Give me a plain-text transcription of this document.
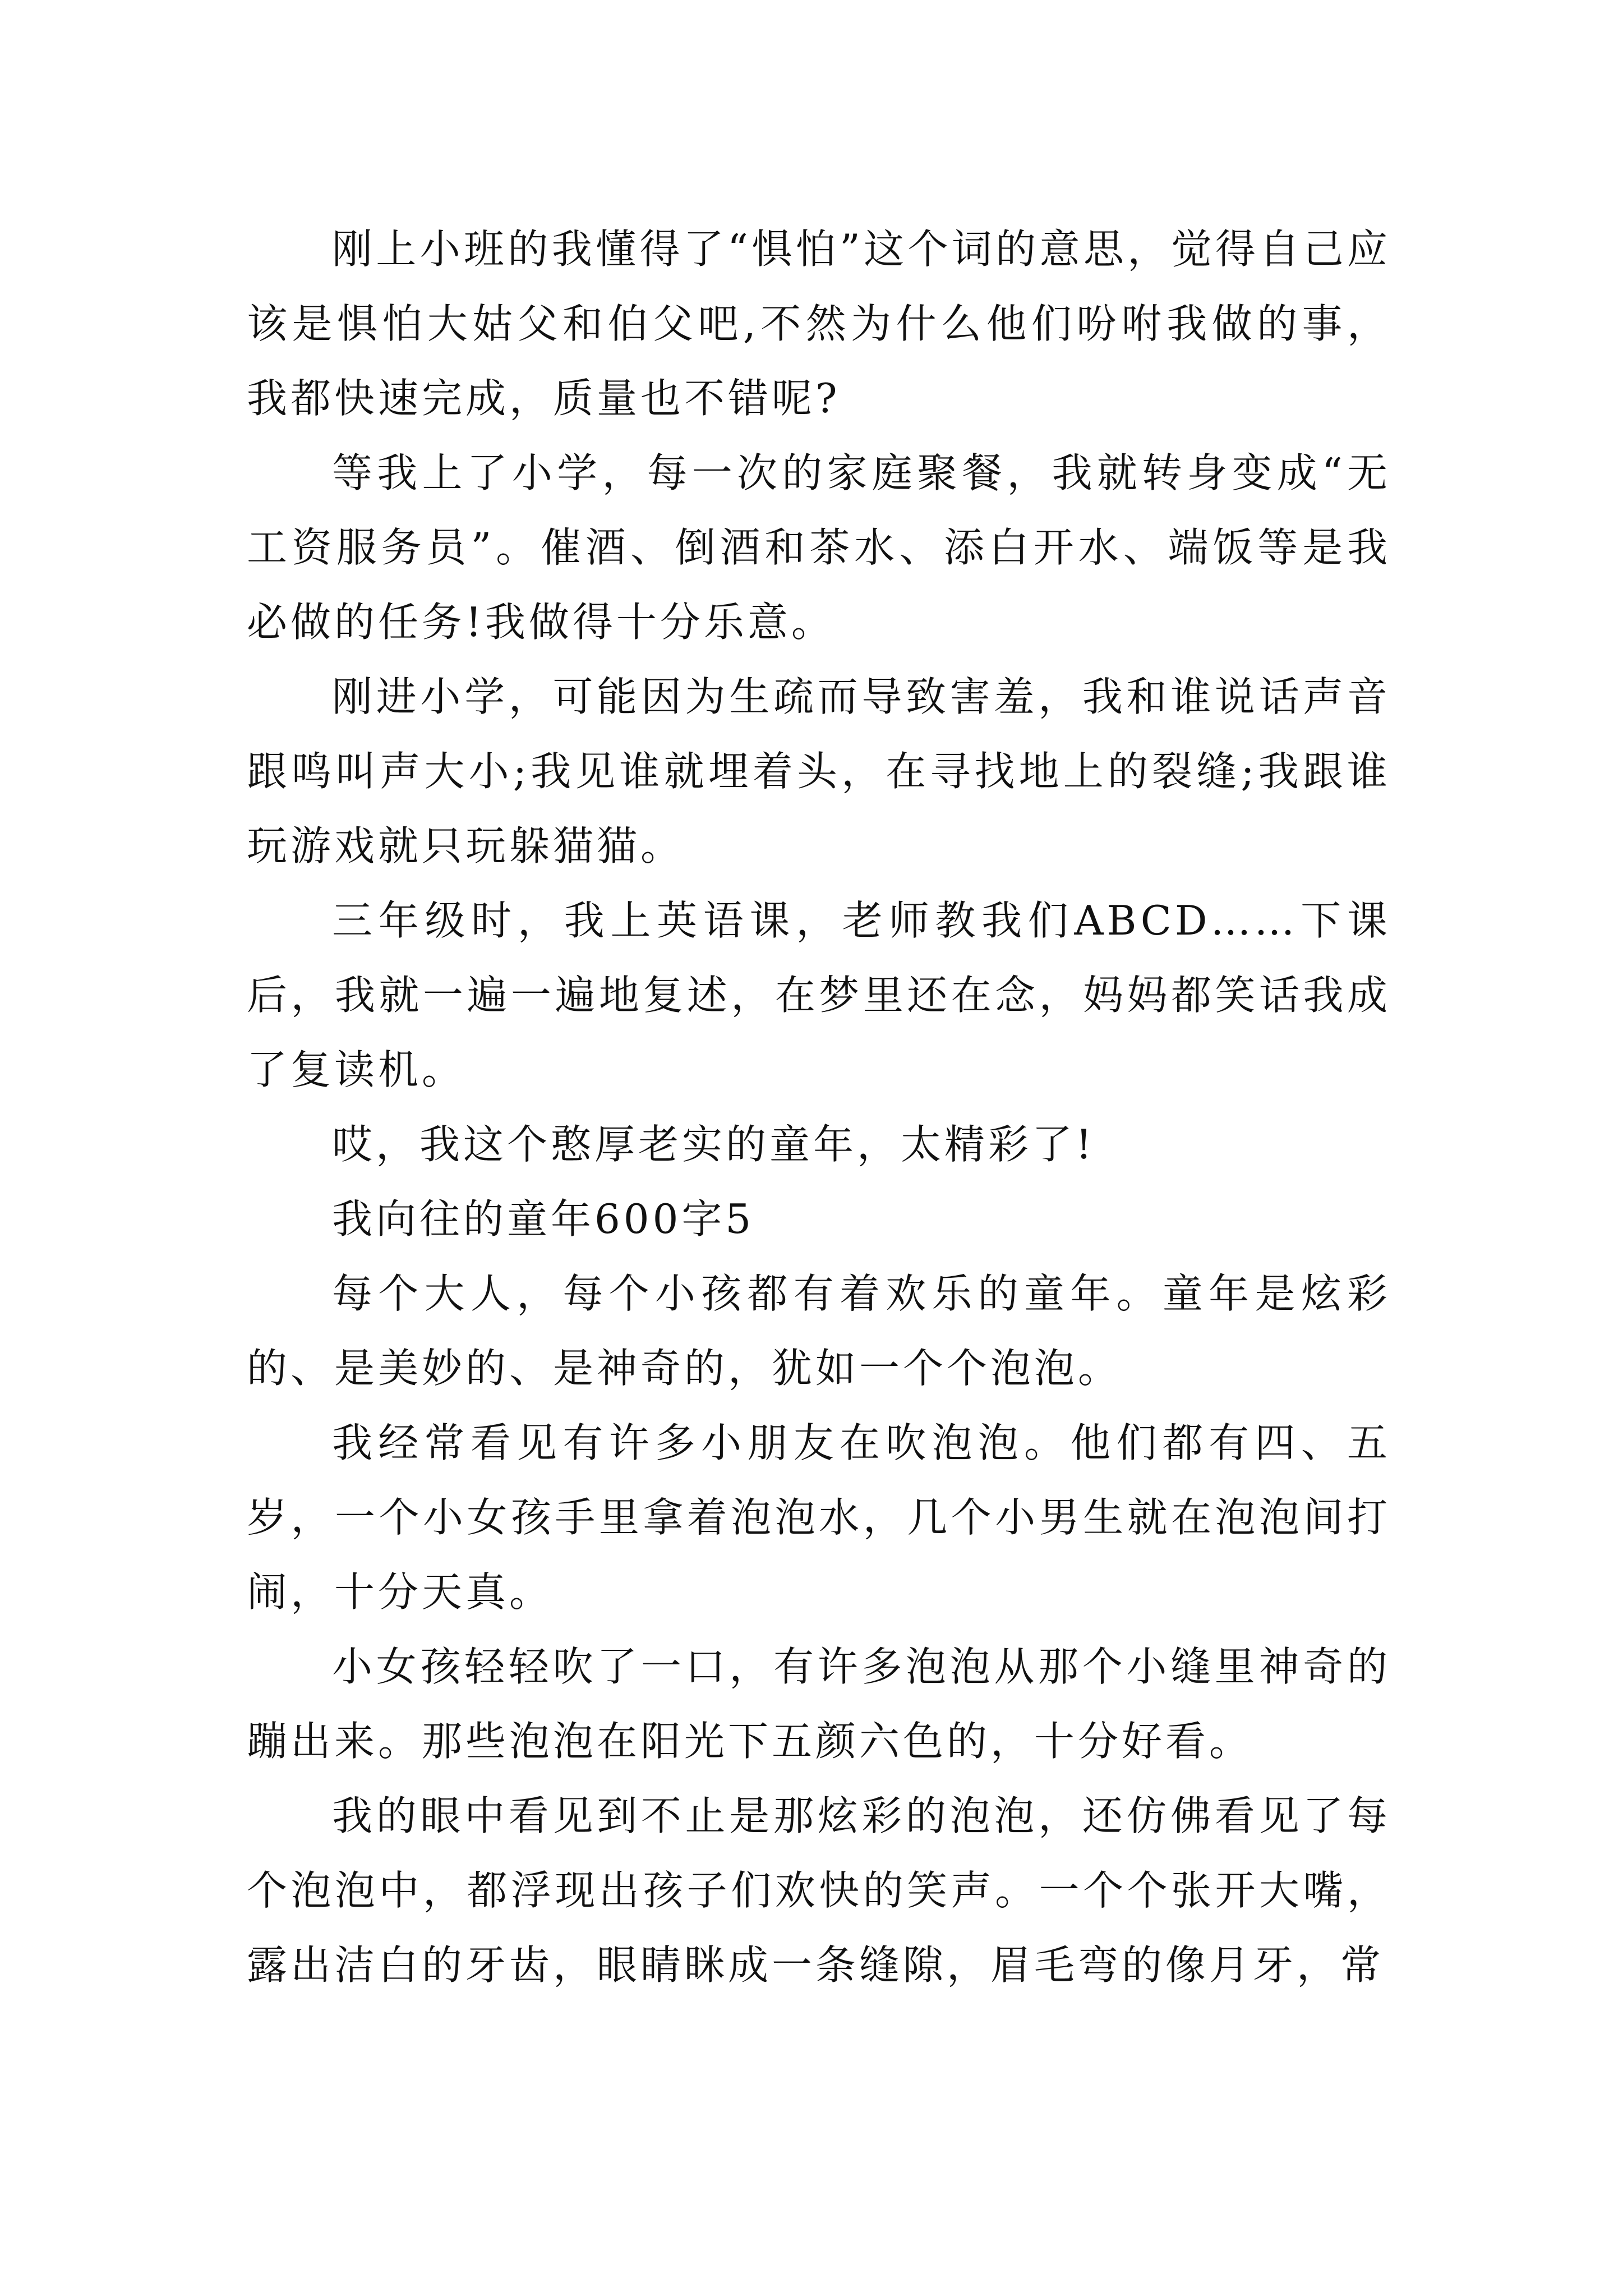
刚上小班的我懂得了“惧怕”这个词的意思，觉得自己应该是惧怕大姑父和伯父吧,不然为什么他们吩咐我做的事，我都快速完成，质量也不错呢?

等我上了小学，每一次的家庭聚餐，我就转身变成“无工资服务员”。催酒、倒酒和茶水、添白开水、端饭等是我必做的任务!我做得十分乐意。

刚进小学，可能因为生疏而导致害羞，我和谁说话声音跟鸣叫声大小;我见谁就埋着头，在寻找地上的裂缝;我跟谁玩游戏就只玩躲猫猫。

三年级时，我上英语课，老师教我们ABCD……下课后，我就一遍一遍地复述，在梦里还在念，妈妈都笑话我成了复读机。

哎，我这个憨厚老实的童年，太精彩了!

我向往的童年600字5

每个大人，每个小孩都有着欢乐的童年。童年是炫彩的、是美妙的、是神奇的，犹如一个个泡泡。

我经常看见有许多小朋友在吹泡泡。他们都有四、五岁，一个小女孩手里拿着泡泡水，几个小男生就在泡泡间打闹，十分天真。

小女孩轻轻吹了一口，有许多泡泡从那个小缝里神奇的蹦出来。那些泡泡在阳光下五颜六色的，十分好看。

我的眼中看见到不止是那炫彩的泡泡，还仿佛看见了每个泡泡中，都浮现出孩子们欢快的笑声。一个个张开大嘴，露出洁白的牙齿，眼睛眯成一条缝隙，眉毛弯的像月牙，常
